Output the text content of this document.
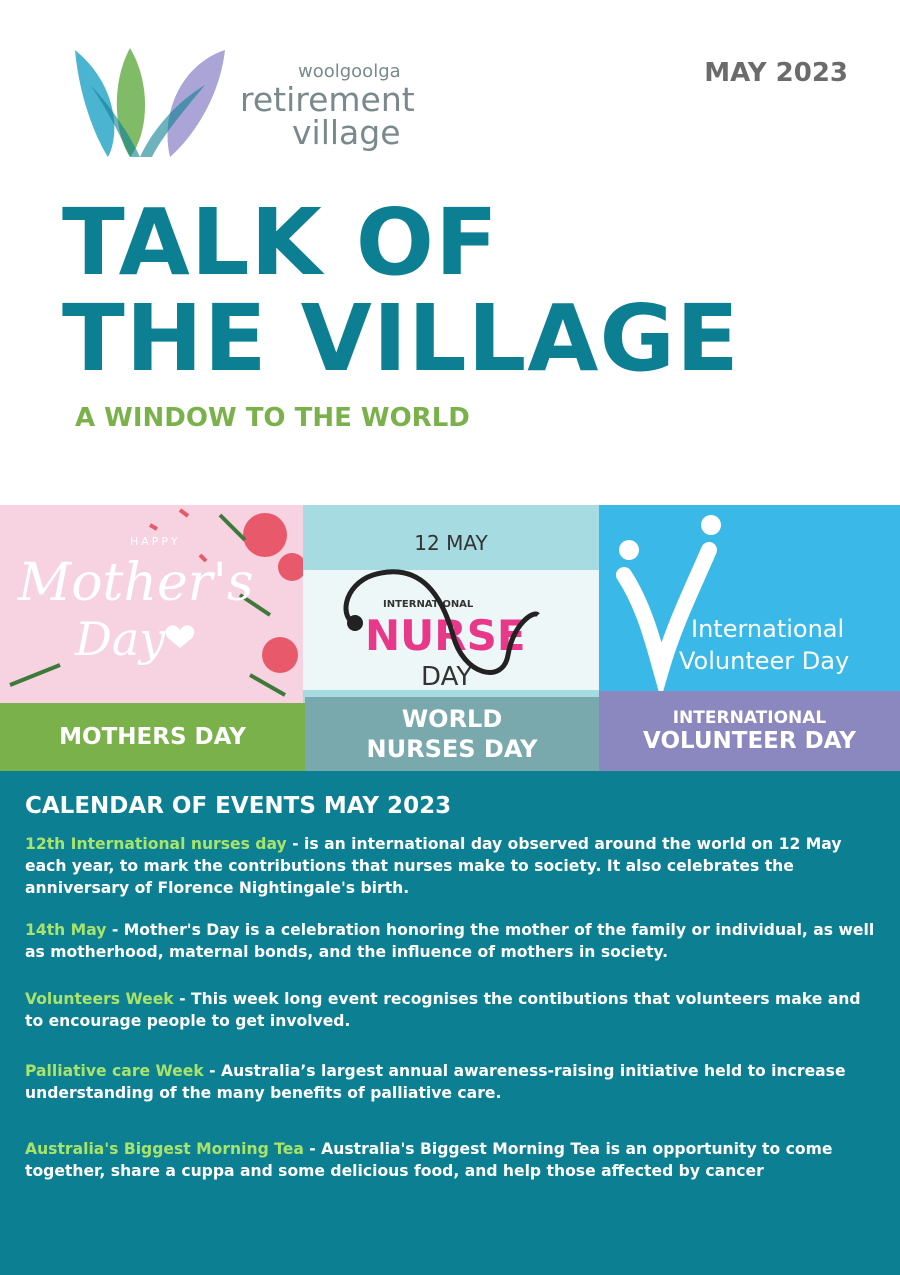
woolgoolga
retirement
village
MAY 2023
TALK OF
THE VILLAGE
A WINDOW TO THE WORLD
HAPPY
Mother's
Day
12 MAY
INTERNATIONAL
NURSE
DAY
International
Volunteer Day
MOTHERS DAY
WORLD
NURSES DAY
INTERNATIONAL
VOLUNTEER DAY
CALENDAR OF EVENTS MAY 2023

12th International nurses day - is an international day observed around the world on 12 May each year, to mark the contributions that nurses make to society. It also celebrates the anniversary of Florence Nightingale's birth.

14th May - Mother's Day is a celebration honoring the mother of the family or individual, as well as motherhood, maternal bonds, and the influence of mothers in society.

Volunteers Week - This week long event recognises the contibutions that volunteers make and to encourage people to get involved.

Palliative care Week - Australia’s largest annual awareness-raising initiative held to increase understanding of the many benefits of palliative care.

Australia's Biggest Morning Tea - Australia's Biggest Morning Tea is an opportunity to come together, share a cuppa and some delicious food, and help those affected by cancer
